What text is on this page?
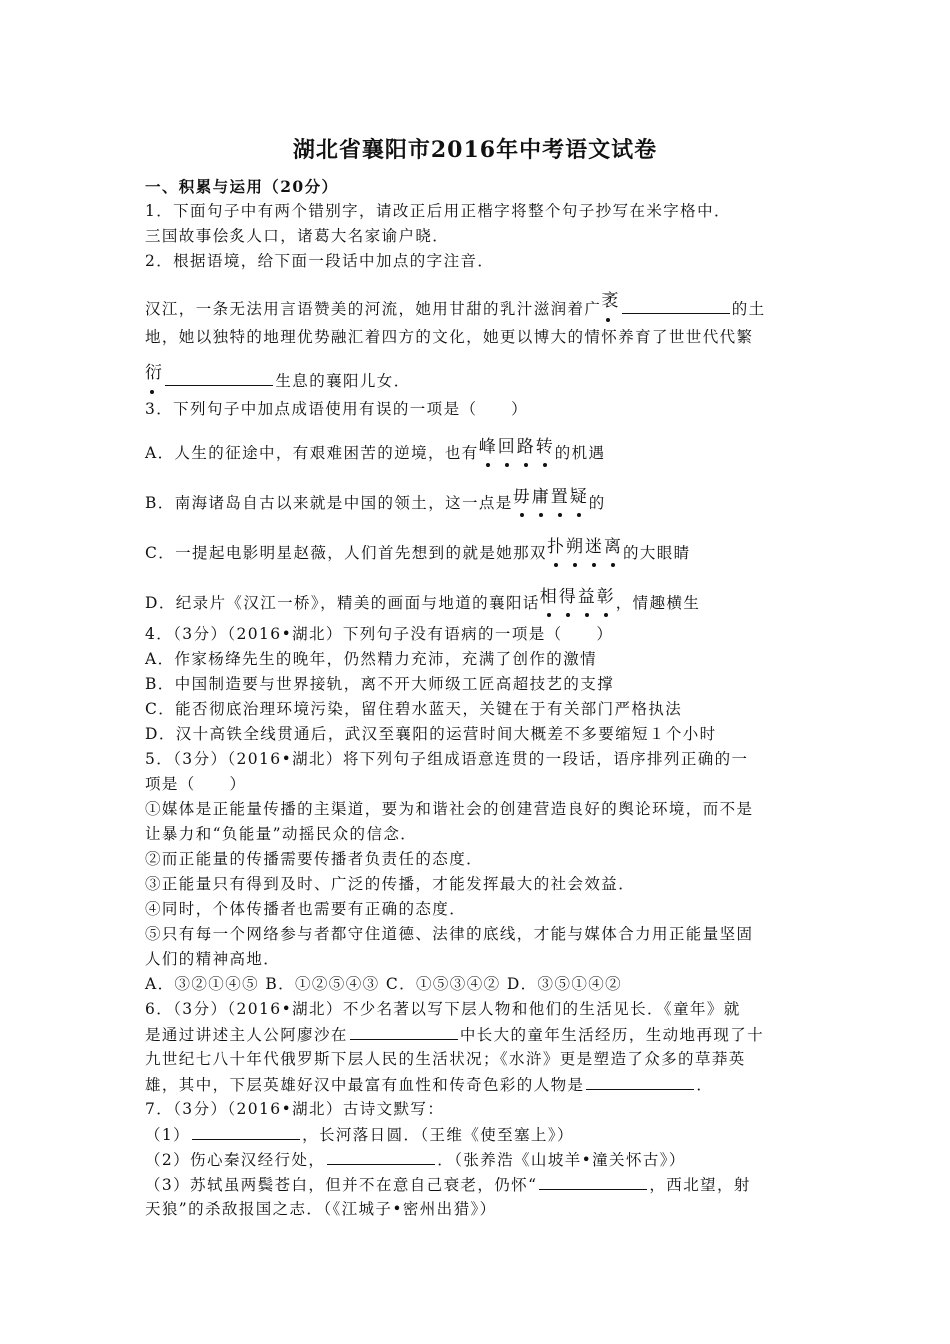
湖北省襄阳市2016年中考语文试卷
一、积累与运用（20分）
1．下面句子中有两个错别字，请改正后用正楷字将整个句子抄写在米字格中．
三国故事侩炙人口，诸葛大名家谕户晓．
2．根据语境，给下面一段话中加点的字注音．
汉江，一条无法用言语赞美的河流，她用甘甜的乳汁滋润着广袤	的土
地，她以独特的地理优势融汇着四方的文化，她更以博大的情怀养育了世世代代繁
衍	生息的襄阳儿女．
3．下列句子中加点成语使用有误的一项是（　　）
A．人生的征途中，有艰难困苦的逆境，也有峰回路转的机遇
B．南海诸岛自古以来就是中国的领土，这一点是毋庸置疑的
C．一提起电影明星赵薇，人们首先想到的就是她那双扑朔迷离的大眼睛
D．纪录片《汉江一桥》，精美的画面与地道的襄阳话相得益彰，情趣横生
4．（3分）（2016•湖北）下列句子没有语病的一项是（　　）
A．作家杨绛先生的晚年，仍然精力充沛，充满了创作的激情
B．中国制造要与世界接轨，离不开大师级工匠高超技艺的支撑
C．能否彻底治理环境污染，留住碧水蓝天，关键在于有关部门严格执法
D．汉十高铁全线贯通后，武汉至襄阳的运营时间大概差不多要缩短１个小时
5．（3分）（2016•湖北）将下列句子组成语意连贯的一段话，语序排列正确的一
项是（　　）
①媒体是正能量传播的主渠道，要为和谐社会的创建营造良好的舆论环境，而不是
让暴力和“负能量”动摇民众的信念．
②而正能量的传播需要传播者负责任的态度．
③正能量只有得到及时、广泛的传播，才能发挥最大的社会效益．
④同时，个体传播者也需要有正确的态度．
⑤只有每一个网络参与者都守住道德、法律的底线，才能与媒体合力用正能量坚固
人们的精神高地．
A．③②①④⑤ B．①②⑤④③ C．①⑤③④② D．③⑤①④②
6．（3分）（2016•湖北）不少名著以写下层人物和他们的生活见长．《童年》就
是通过讲述主人公阿廖沙在	中长大的童年生活经历，生动地再现了十
九世纪七八十年代俄罗斯下层人民的生活状况；《水浒》更是塑造了众多的草莽英
雄，其中，下层英雄好汉中最富有血性和传奇色彩的人物是	．
7．（3分）（2016•湖北）古诗文默写：
（1）	，长河落日圆．（王维《使至塞上》）
（2）伤心秦汉经行处，	．（张养浩《山坡羊•潼关怀古》）
（3）苏轼虽两鬓苍白，但并不在意自己衰老，仍怀“	，西北望，射
天狼”的杀敌报国之志．（《江城子•密州出猎》）
